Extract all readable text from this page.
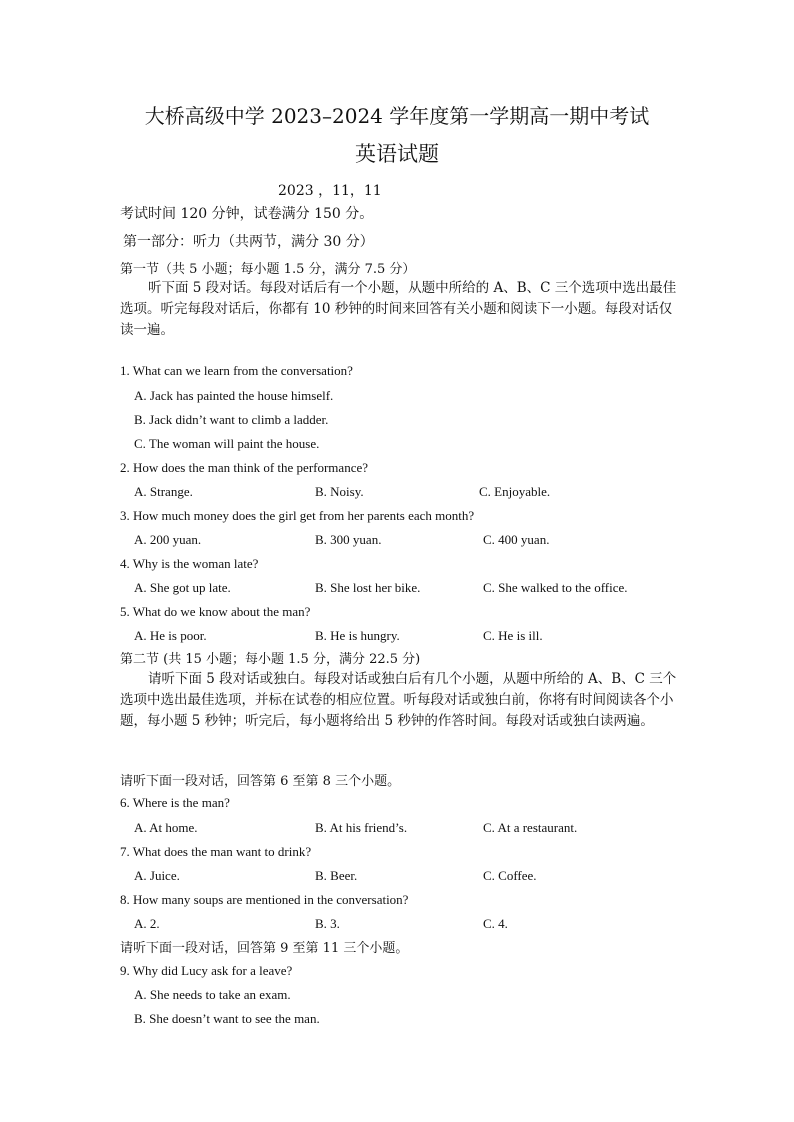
大桥高级中学 2023–2024 学年度第一学期高一期中考试
英语试题
2023 ，11，11
考试时间 120 分钟，试卷满分 150 分。
第一部分：听力（共两节，满分 30 分）
第一节（共 5 小题；每小题 1.5 分，满分 7.5 分）
听下面 5 段对话。每段对话后有一个小题，从题中所给的 A、B、C 三个选项中选出最佳选项。听完每段对话后，你都有 10 秒钟的时间来回答有关小题和阅读下一小题。每段对话仅读一遍。
1. What can we learn from the conversation?
A. Jack has painted the house himself.
B. Jack didn’t want to climb a ladder.
C. The woman will paint the house.
2. How does the man think of the performance?
A. Strange.	B. Noisy.	C. Enjoyable.
3. How much money does the girl get from her parents each month?
A. 200 yuan.	B. 300 yuan.	C. 400 yuan.
4. Why is the woman late?
A. She got up late.	B. She lost her bike.	C. She walked to the office.
5. What do we know about the man?
A. He is poor.	B. He is hungry.	C. He is ill.
第二节 (共 15 小题；每小题 1.5 分，满分 22.5 分)
请听下面 5 段对话或独白。每段对话或独白后有几个小题，从题中所给的 A、B、C 三个选项中选出最佳选项，并标在试卷的相应位置。听每段对话或独白前，你将有时间阅读各个小题，每小题 5 秒钟；听完后，每小题将给出 5 秒钟的作答时间。每段对话或独白读两遍。
请听下面一段对话，回答第 6 至第 8 三个小题。
6. Where is the man?
A. At home.	B. At his friend’s.	C. At a restaurant.
7. What does the man want to drink?
A. Juice.	B. Beer.	C. Coffee.
8. How many soups are mentioned in the conversation?
A. 2.	B. 3.	C. 4.
请听下面一段对话，回答第 9 至第 11 三个小题。
9. Why did Lucy ask for a leave?
A. She needs to take an exam.
B. She doesn’t want to see the man.
